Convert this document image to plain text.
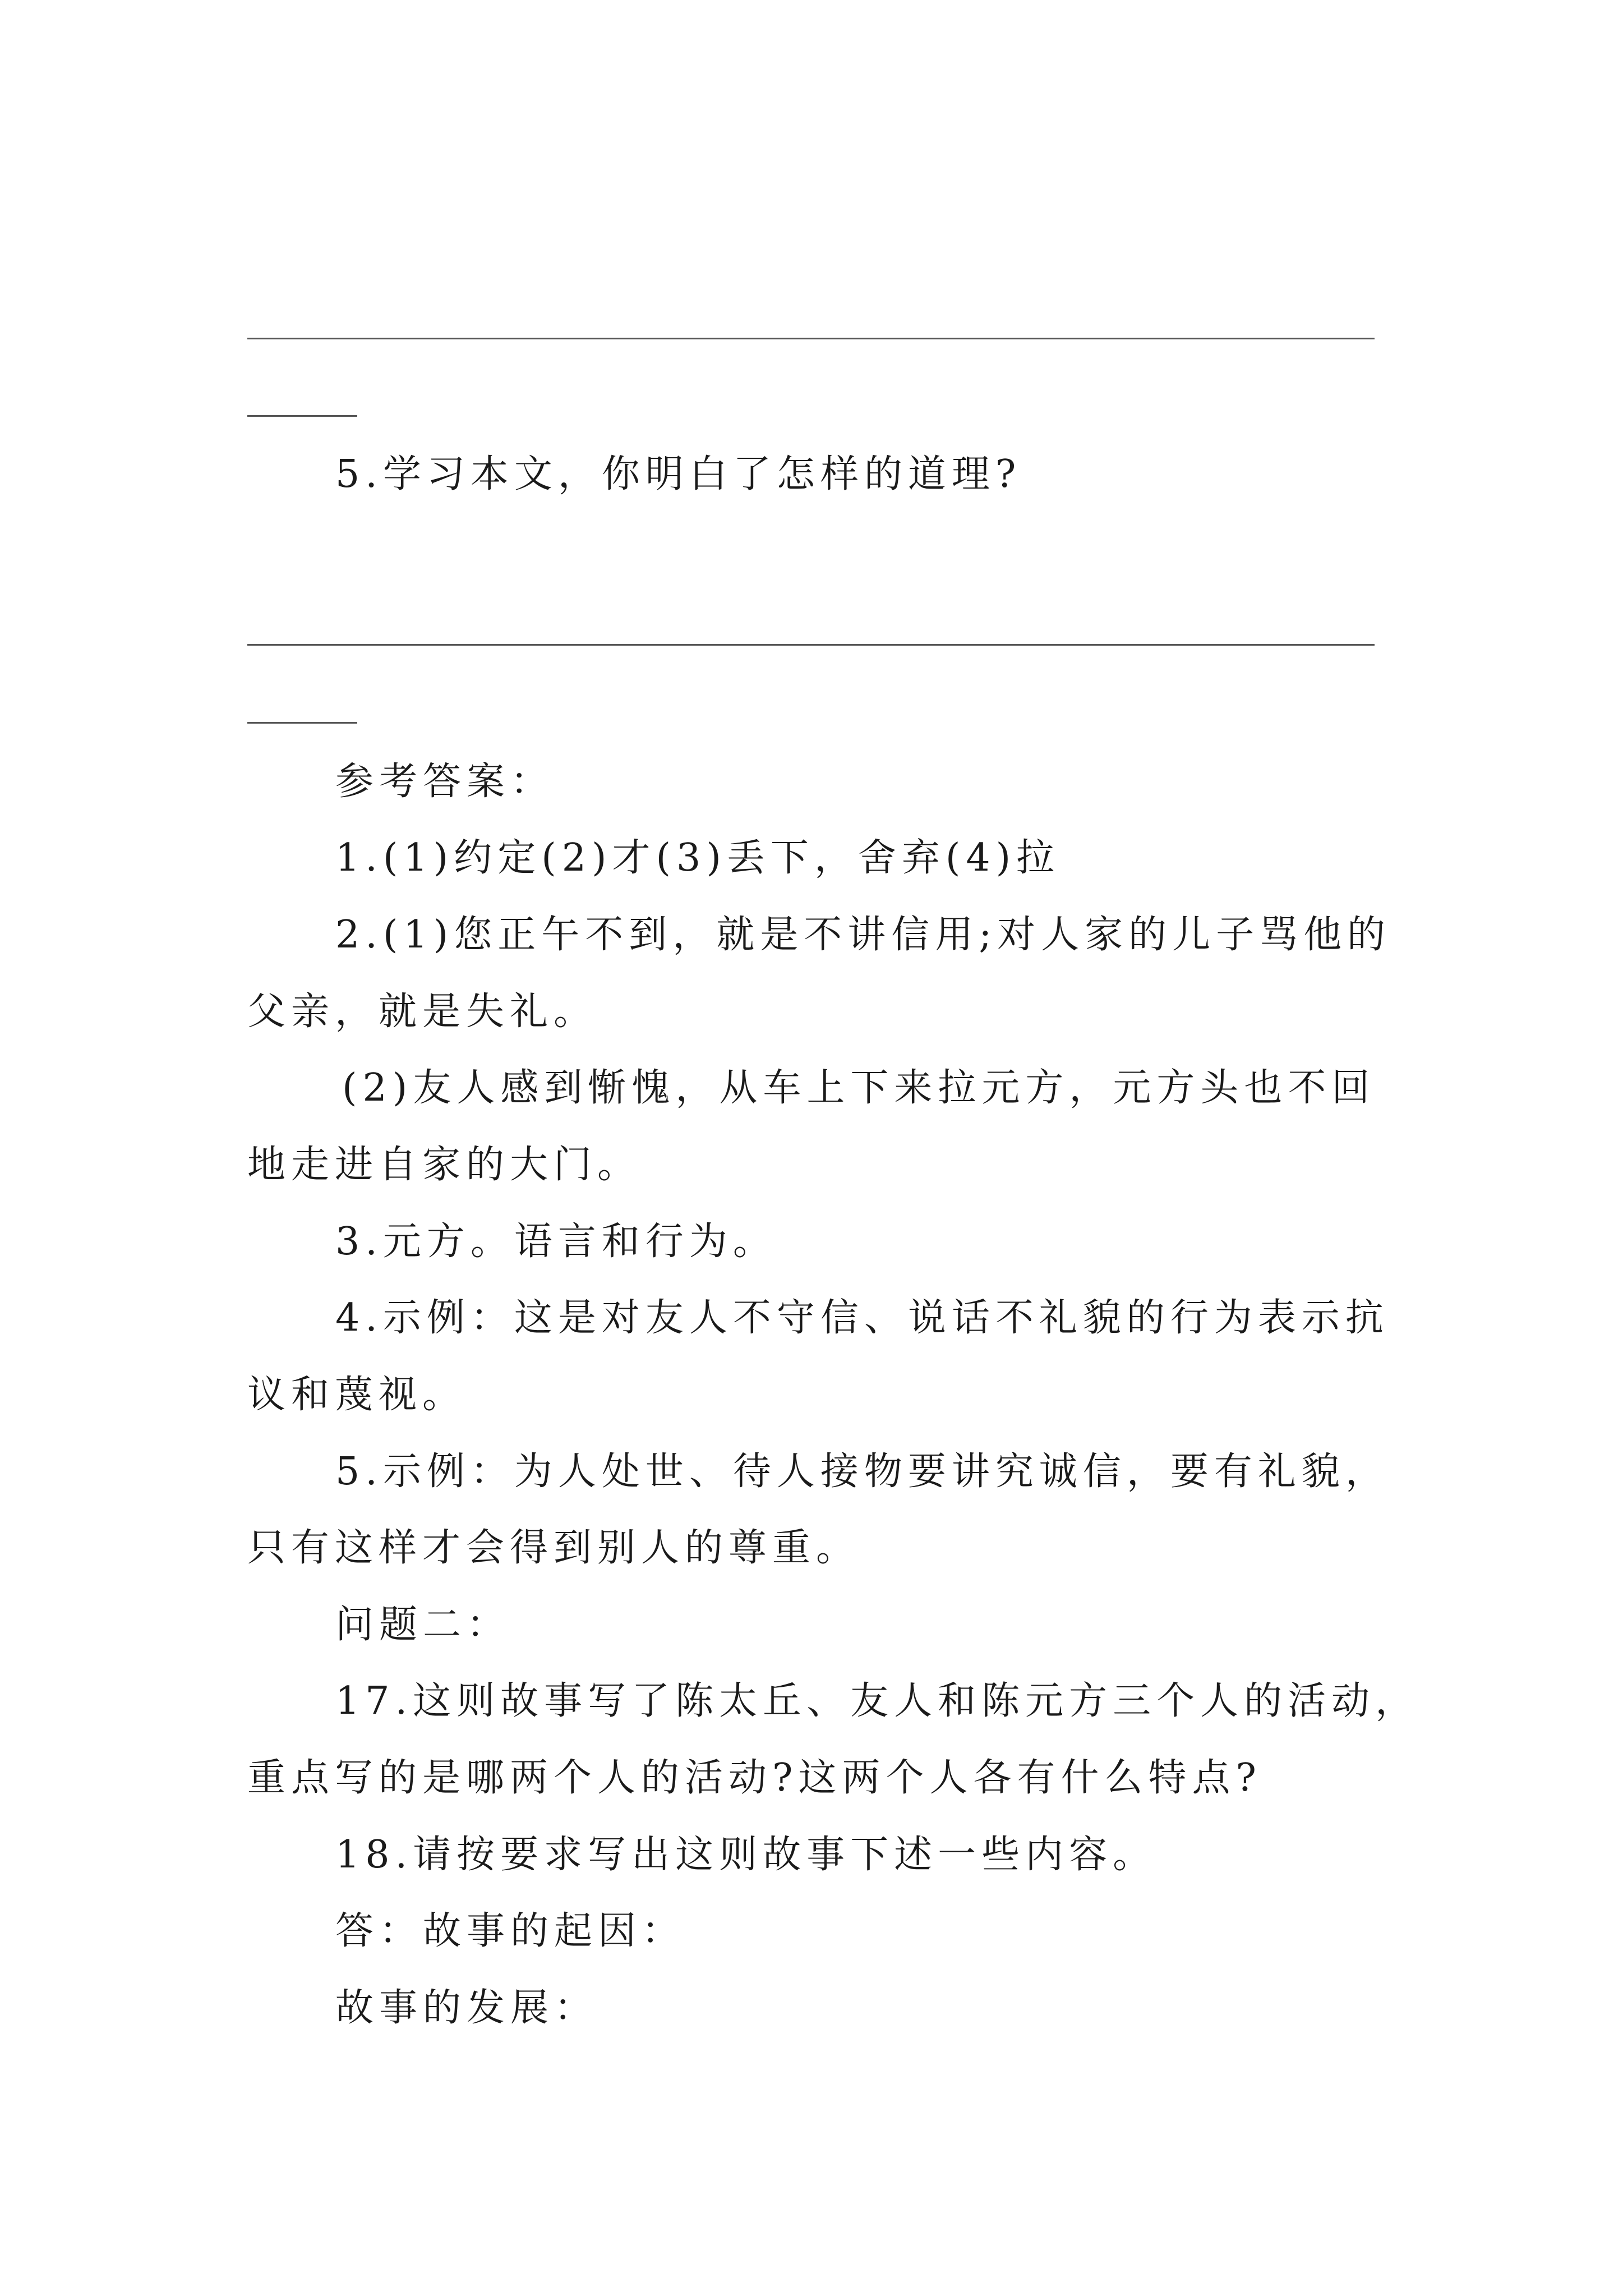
5.学习本文，你明白了怎样的道理?
参考答案：
1.(1)约定(2)才(3)丢下，舍弃(4)拉
2.(1)您正午不到，就是不讲信用;对人家的儿子骂他的
父亲，就是失礼。
(2)友人感到惭愧，从车上下来拉元方，元方头也不回
地走进自家的大门。
3.元方。语言和行为。
4.示例：这是对友人不守信、说话不礼貌的行为表示抗
议和蔑视。
5.示例：为人处世、待人接物要讲究诚信，要有礼貌，
只有这样才会得到别人的尊重。
问题二：
17.这则故事写了陈太丘、友人和陈元方三个人的活动，
重点写的是哪两个人的活动?这两个人各有什么特点?
18.请按要求写出这则故事下述一些内容。
答：故事的起因：
故事的发展：
